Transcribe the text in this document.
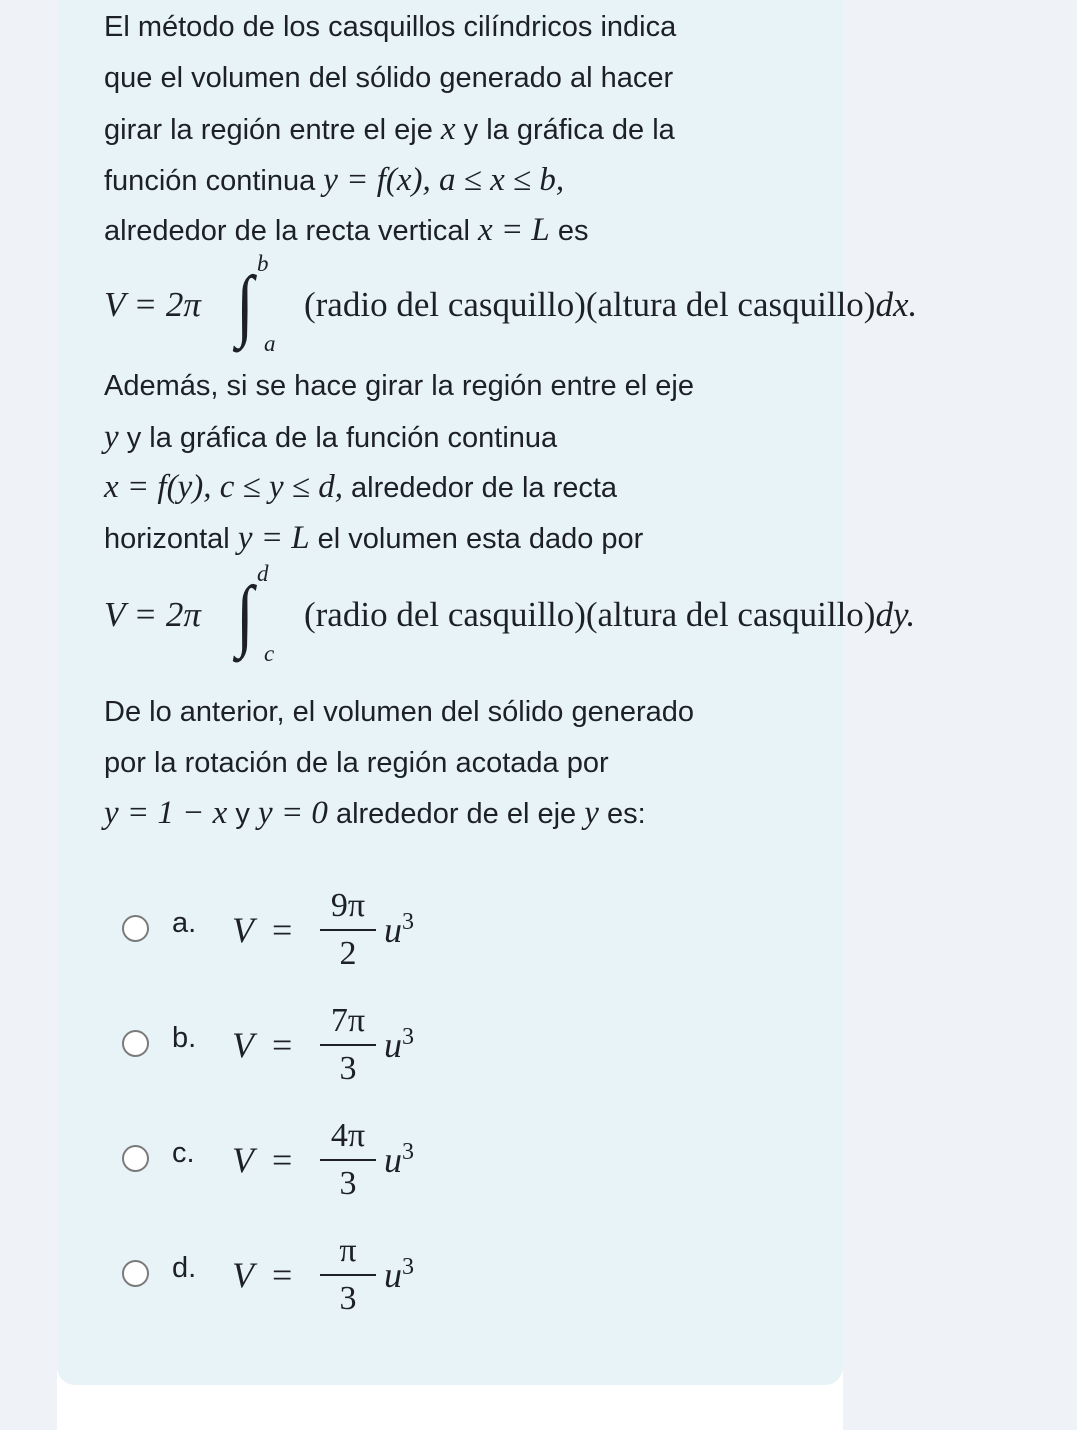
El método de los casquillos cilíndricos indica
que el volumen del sólido generado al hacer
girar la región entre el eje x y la gráfica de la
función continua y = f(x), a ≤ x ≤ b,
alrededor de la recta vertical x = L es
Además, si se hace girar la región entre el eje
y y la gráfica de la función continua
x = f(y), c ≤ y ≤ d, alrededor de la recta
horizontal y = L el volumen esta dado por
De lo anterior, el volumen del sólido generado
por la rotación de la región acotada por
y = 1 − x y y = 0 alrededor de el eje y es:
V = 2π ∫ b
a
(radio del casquillo)(altura del casquillo)dx.
V = 2π ∫ d
c
(radio del casquillo)(altura del casquillo)dy.
a. $V = \frac{9\pi}{2} u^3$
b. $V = \frac{7\pi}{3} u^3$
c. $V = \frac{4\pi}{3} u^3$
d. $V = \frac{\pi}{3} u^3$
